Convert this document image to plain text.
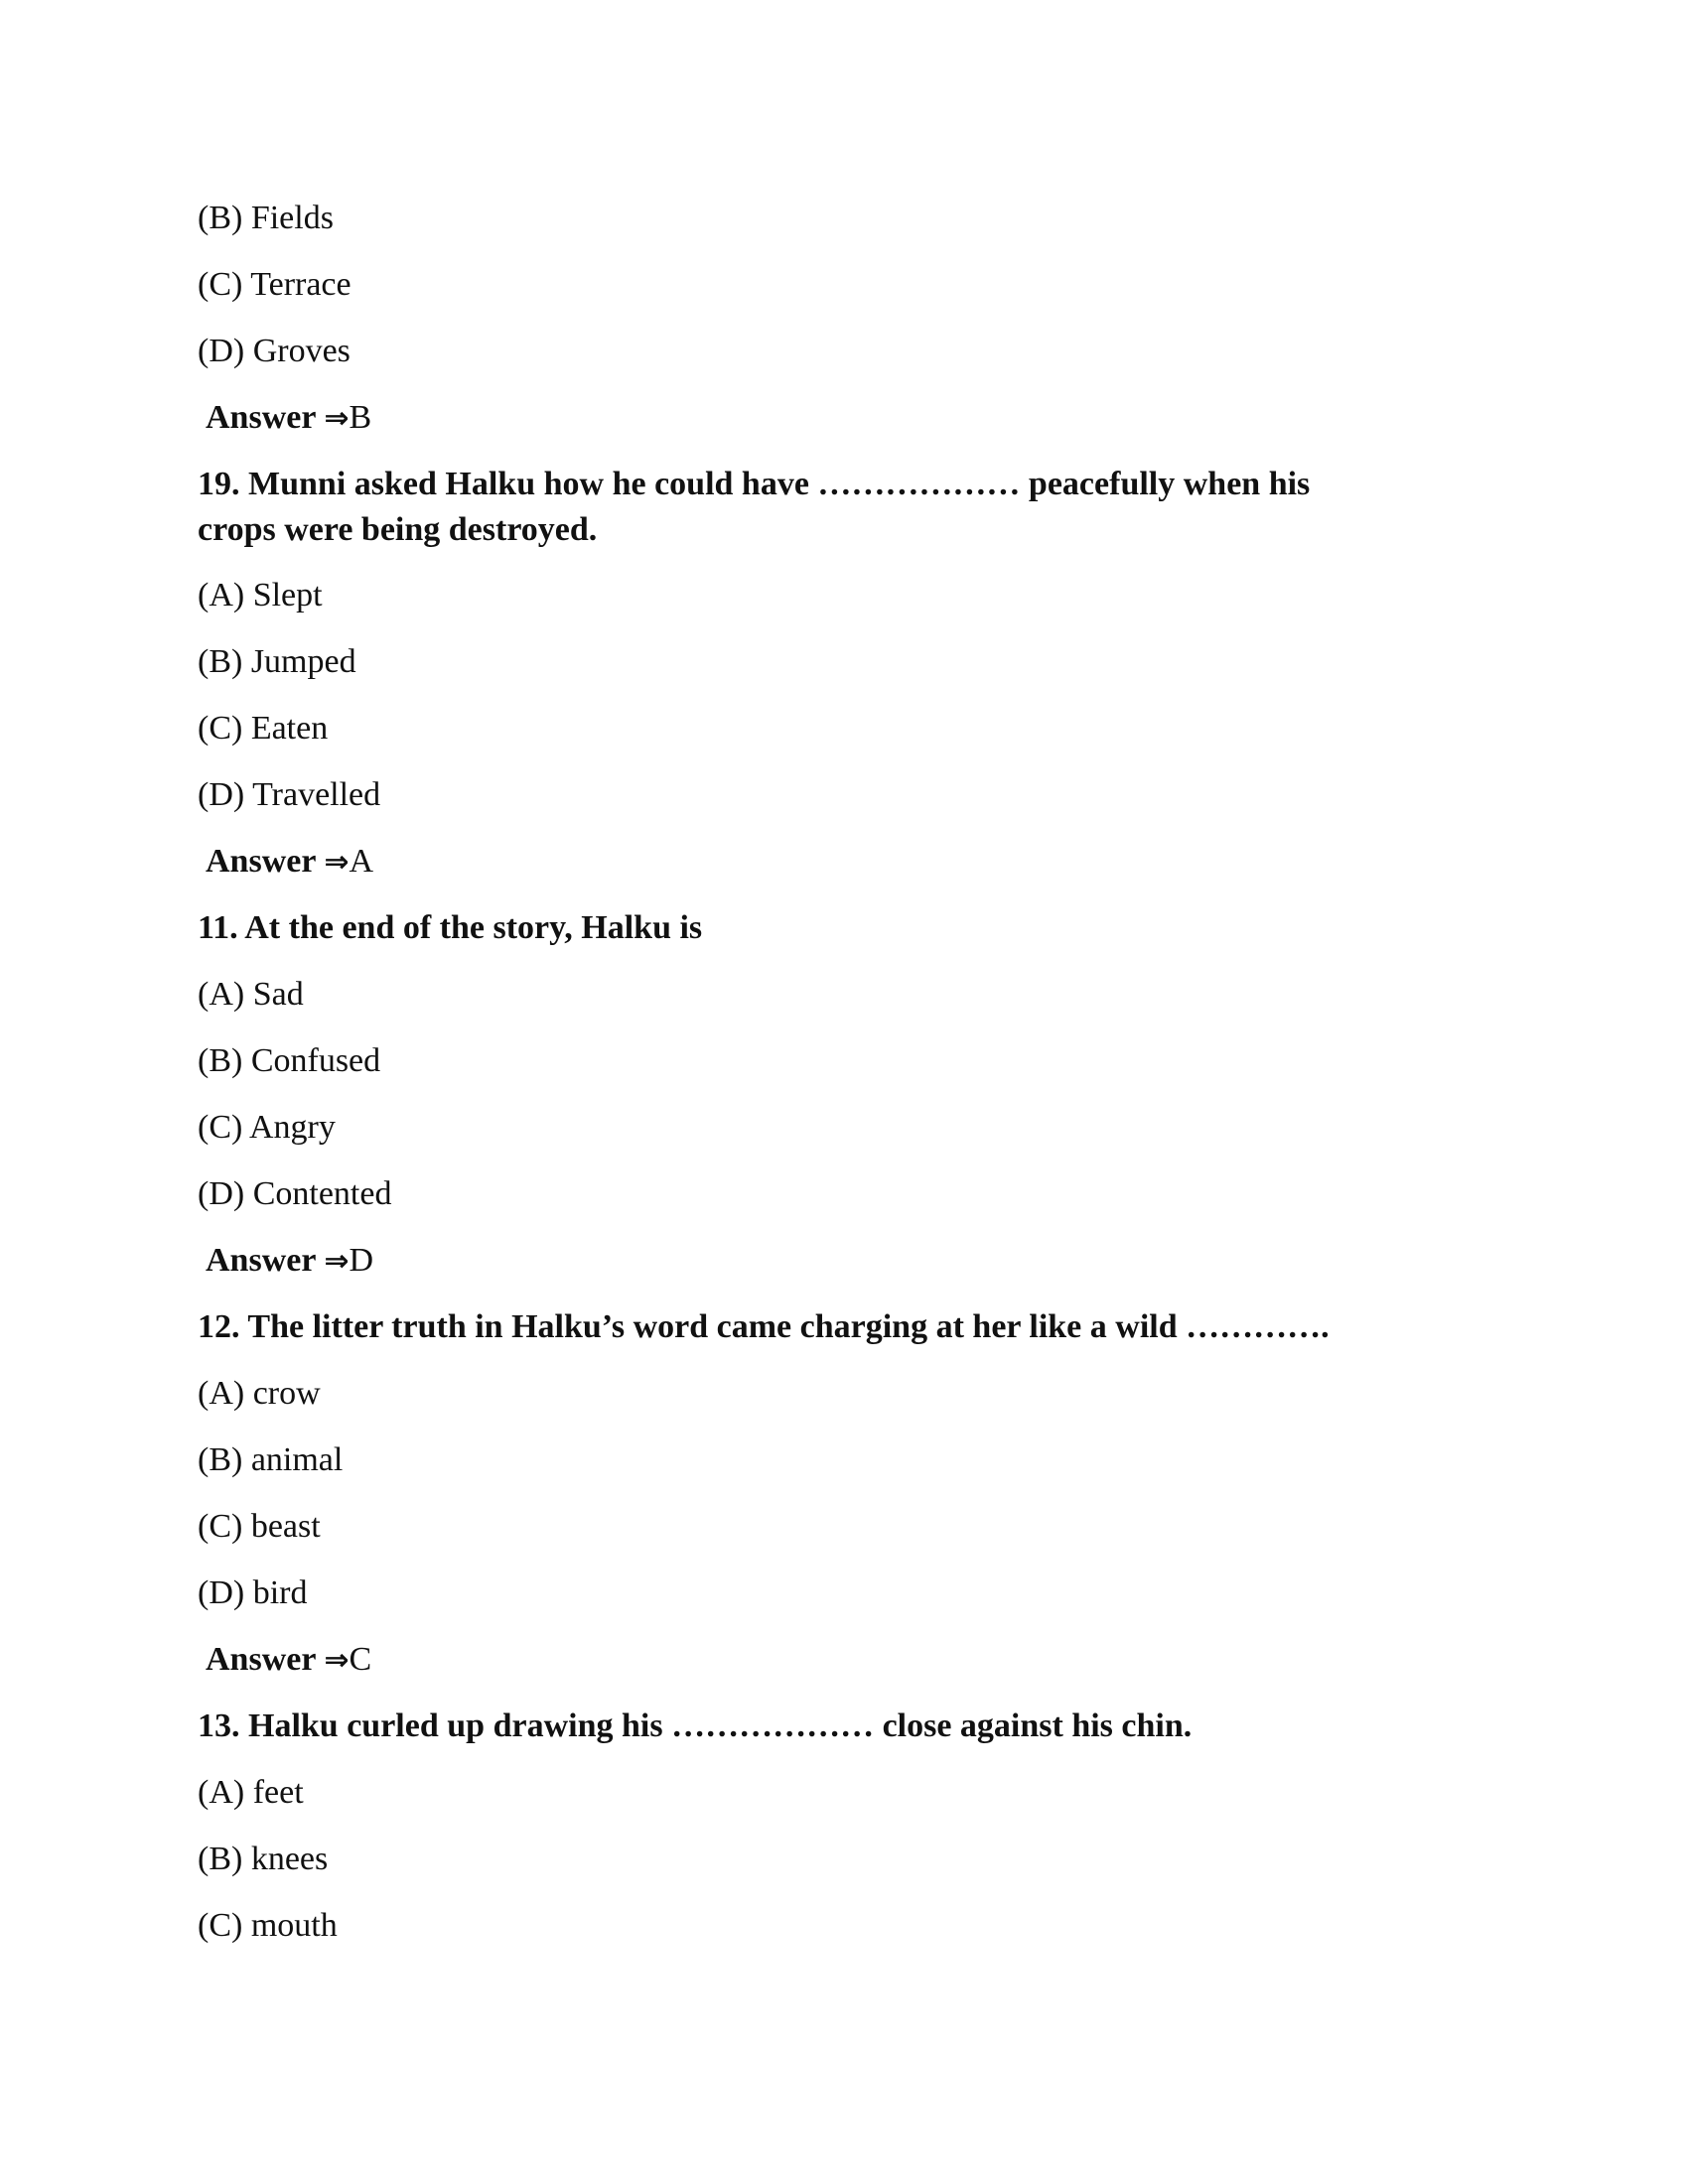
(B) Fields
(C) Terrace
(D) Groves
Answer ⇒B
19. Munni asked Halku how he could have ……………… peacefully when his
crops were being destroyed.
(A) Slept
(B) Jumped
(C) Eaten
(D) Travelled
Answer ⇒A
11. At the end of the story, Halku is
(A) Sad
(B) Confused
(C) Angry
(D) Contented
Answer ⇒D
12. The litter truth in Halku’s word came charging at her like a wild ………….
(A) crow
(B) animal
(C) beast
(D) bird
Answer ⇒C
13. Halku curled up drawing his ……………… close against his chin.
(A) feet
(B) knees
(C) mouth
